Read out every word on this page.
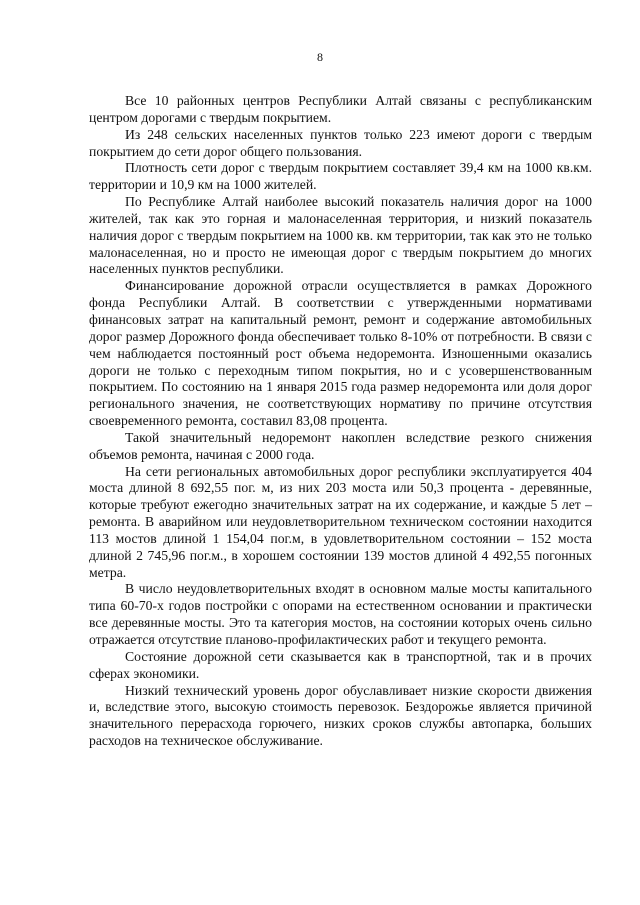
8

Все 10 районных центров Республики Алтай связаны с республиканским центром дорогами с твердым покрытием.

Из 248 сельских населенных пунктов только 223 имеют дороги с твердым покрытием до сети дорог общего пользования.

Плотность сети дорог с твердым покрытием составляет 39,4 км на 1000 кв.км. территории и 10,9 км на 1000 жителей.

По Республике Алтай наиболее высокий показатель наличия дорог на 1000 жителей, так как это горная и малонаселенная территория, и низкий показатель наличия дорог с твердым покрытием на 1000 кв. км территории, так как это не только малонаселенная, но и просто не имеющая дорог с твердым покрытием до многих населенных пунктов республики.

Финансирование дорожной отрасли осуществляется в рамках Дорожного фонда Республики Алтай. В соответствии с утвержденными нормативами финансовых затрат на капитальный ремонт, ремонт и содержание автомобильных дорог размер Дорожного фонда обеспечивает только 8-10% от потребности. В связи с чем наблюдается постоянный рост объема недоремонта. Изношенными оказались дороги не только с переходным типом покрытия, но и с усовершенствованным покрытием. По состоянию на 1 января 2015 года размер недоремонта или доля дорог регионального значения, не соответствующих нормативу по причине отсутствия своевременного ремонта, составил 83,08 процента.

Такой значительный недоремонт накоплен вследствие резкого снижения объемов ремонта, начиная с 2000 года.

На сети региональных автомобильных дорог республики эксплуатируется 404 моста длиной 8 692,55 пог. м, из них 203 моста или 50,3 процента - деревянные, которые требуют ежегодно значительных затрат на их содержание, и каждые 5 лет – ремонта. В аварийном или неудовлетворительном техническом состоянии находится 113 мостов длиной 1 154,04 пог.м, в удовлетворительном состоянии – 152 моста длиной 2 745,96 пог.м., в хорошем состоянии 139 мостов длиной 4 492,55 погонных метра.

В число неудовлетворительных входят в основном малые мосты капитального типа 60-70-х годов постройки с опорами на естественном основании и практически все деревянные мосты. Это та категория мостов, на состоянии которых очень сильно отражается отсутствие планово-профилактических работ и текущего ремонта.

Состояние дорожной сети сказывается как в транспортной, так и в прочих сферах экономики.

Низкий технический уровень дорог обуславливает низкие скорости движения и, вследствие этого, высокую стоимость перевозок. Бездорожье является причиной значительного перерасхода горючего, низких сроков службы автопарка, больших расходов на техническое обслуживание.
